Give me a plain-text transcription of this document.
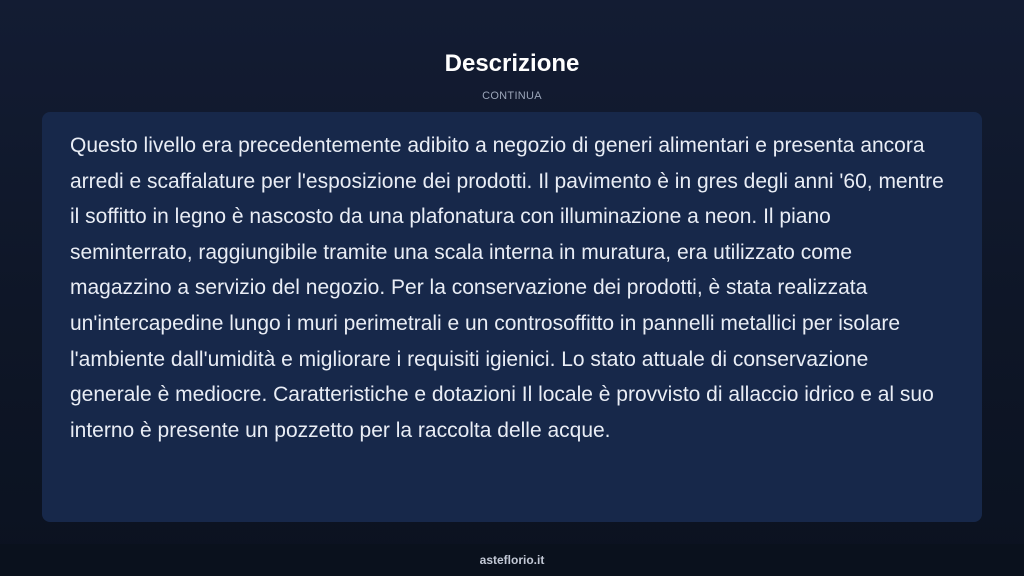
Descrizione
CONTINUA

Questo livello era precedentemente adibito a negozio di generi alimentari e presenta ancora arredi e scaffalature per l'esposizione dei prodotti. Il pavimento è in gres degli anni '60, mentre il soffitto in legno è nascosto da una plafonatura con illuminazione a neon. Il piano seminterrato, raggiungibile tramite una scala interna in muratura, era utilizzato come magazzino a servizio del negozio. Per la conservazione dei prodotti, è stata realizzata un'intercapedine lungo i muri perimetrali e un controsoffitto in pannelli metallici per isolare l'ambiente dall'umidità e migliorare i requisiti igienici. Lo stato attuale di conservazione generale è mediocre. Caratteristiche e dotazioni Il locale è provvisto di allaccio idrico e al suo interno è presente un pozzetto per la raccolta delle acque.

asteflorio.it
